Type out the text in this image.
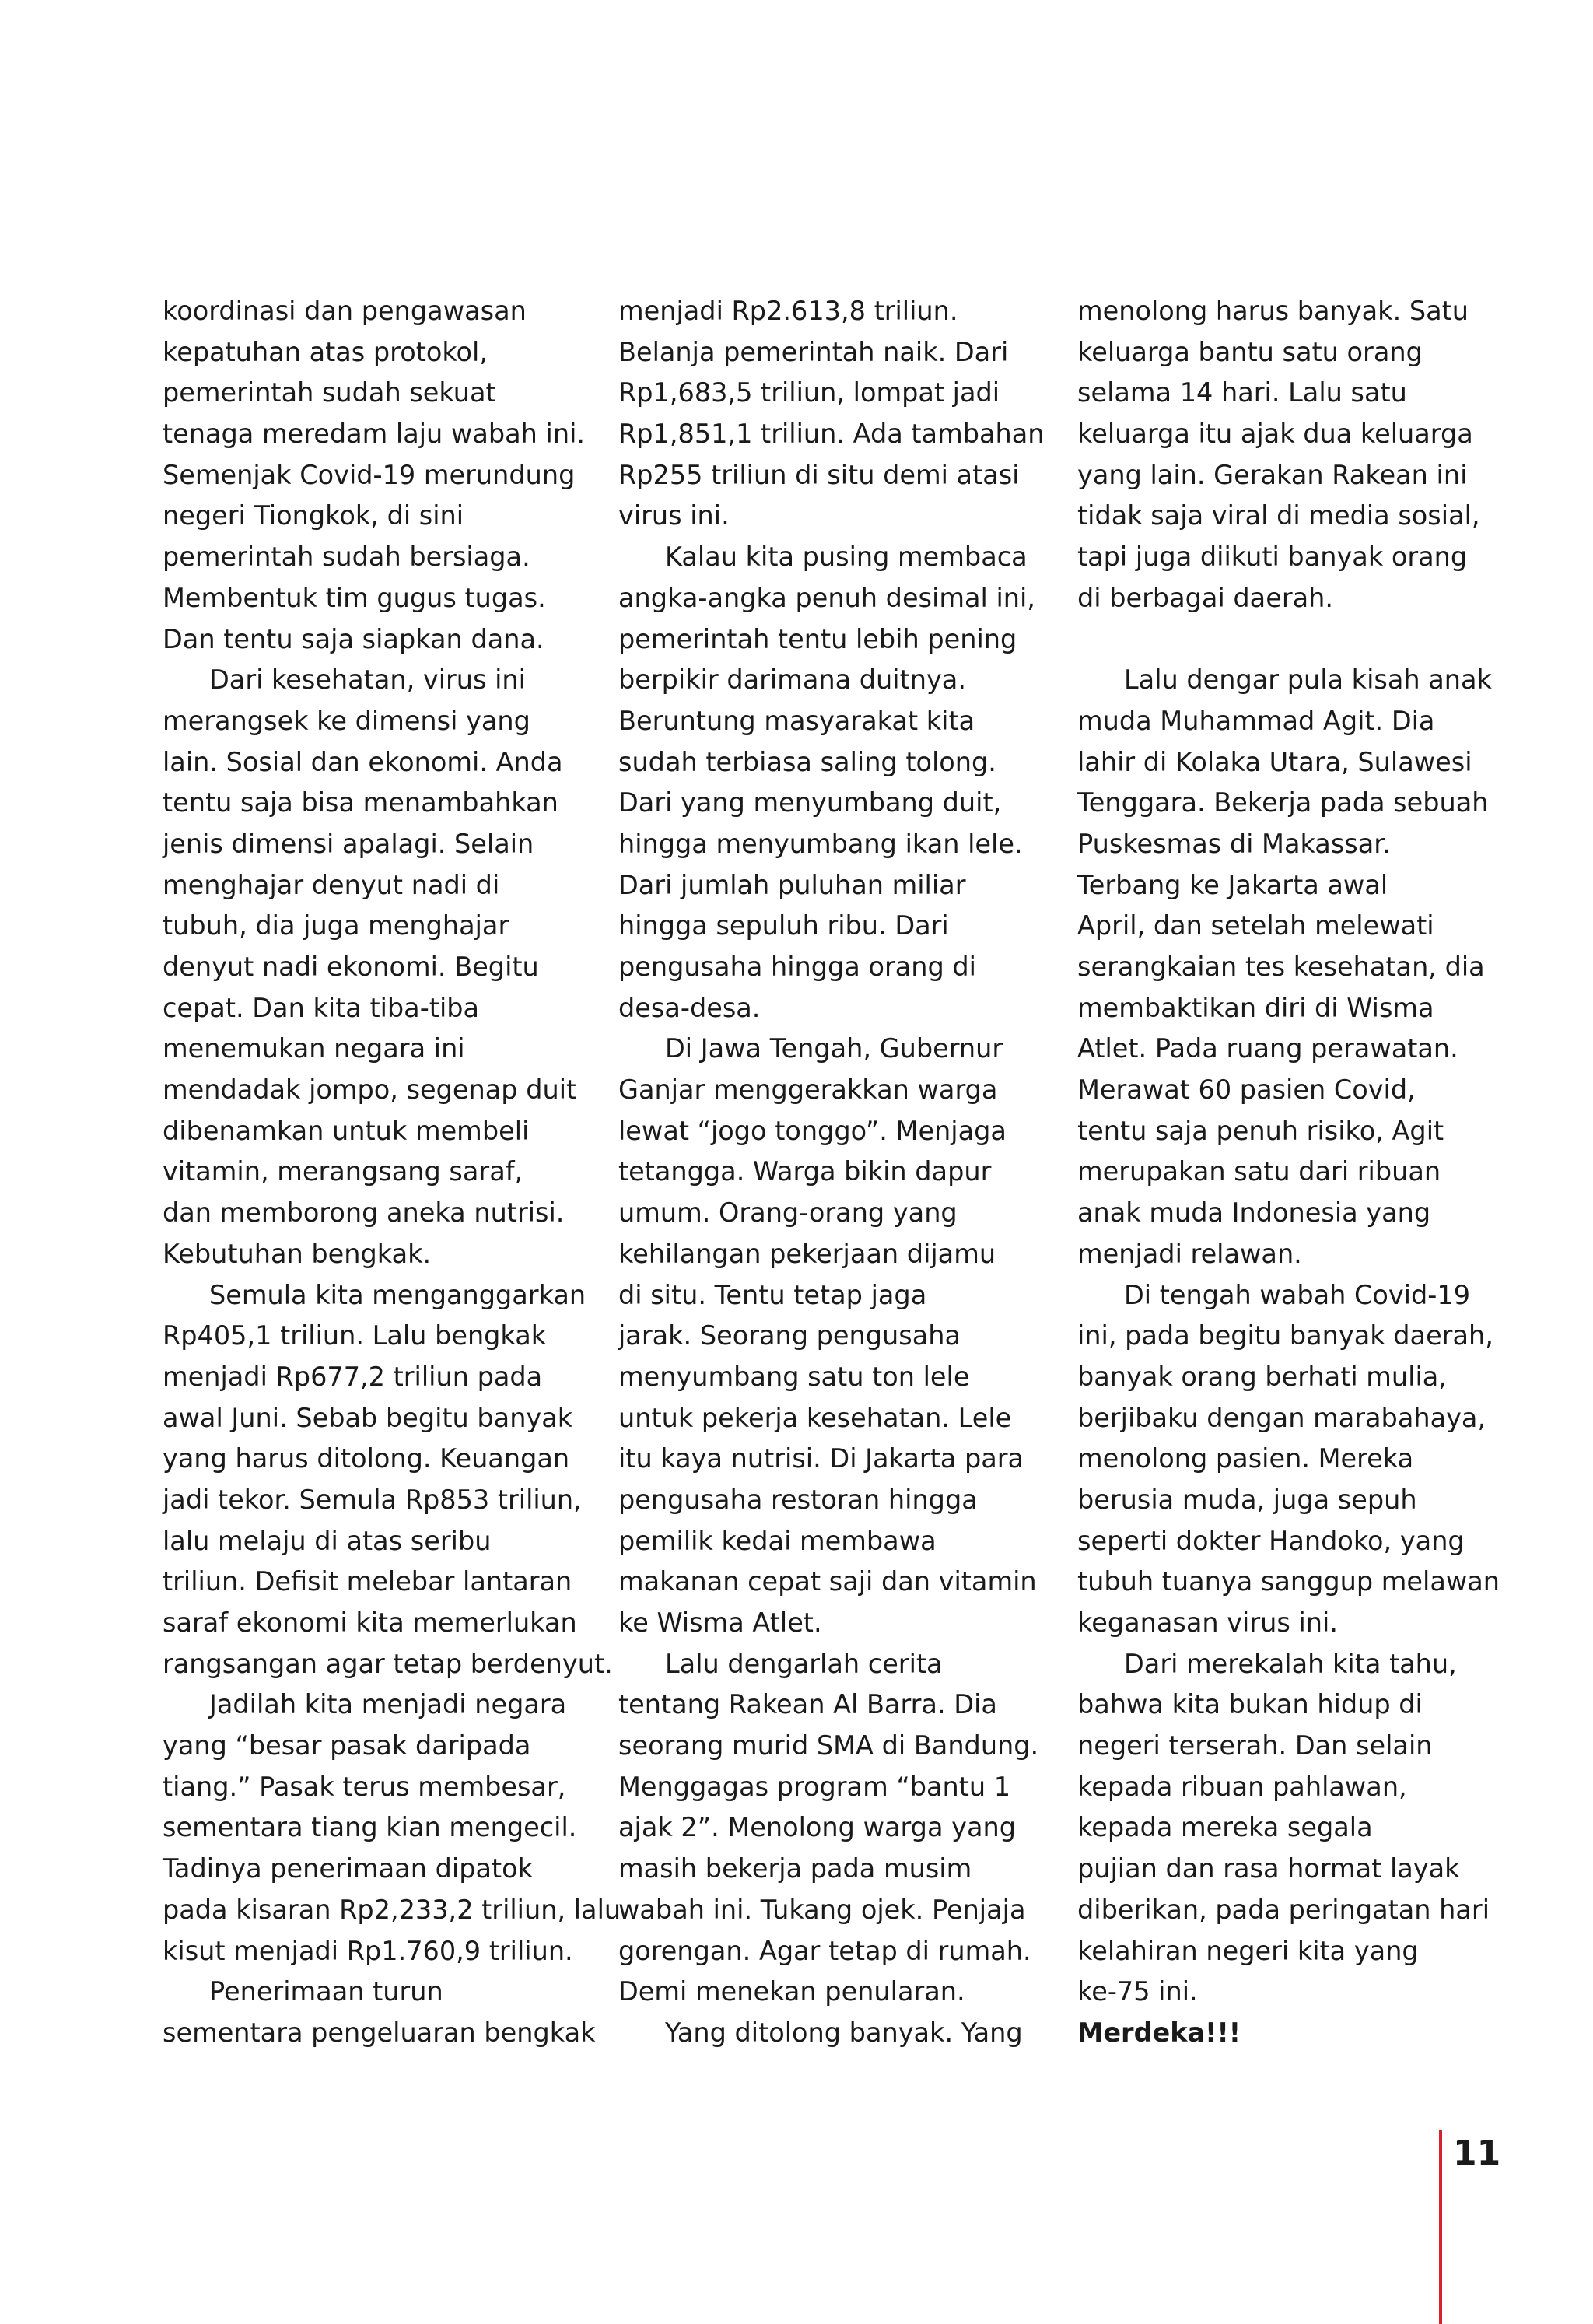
koordinasi dan pengawasan
kepatuhan atas protokol,
pemerintah sudah sekuat
tenaga meredam laju wabah ini.
Semenjak Covid-19 merundung
negeri Tiongkok, di sini
pemerintah sudah bersiaga.
Membentuk tim gugus tugas.
Dan tentu saja siapkan dana.
Dari kesehatan, virus ini
merangsek ke dimensi yang
lain. Sosial dan ekonomi. Anda
tentu saja bisa menambahkan
jenis dimensi apalagi. Selain
menghajar denyut nadi di
tubuh, dia juga menghajar
denyut nadi ekonomi. Begitu
cepat. Dan kita tiba-tiba
menemukan negara ini
mendadak jompo, segenap duit
dibenamkan untuk membeli
vitamin, merangsang saraf,
dan memborong aneka nutrisi.
Kebutuhan bengkak.
Semula kita menganggarkan
Rp405,1 triliun. Lalu bengkak
menjadi Rp677,2 triliun pada
awal Juni. Sebab begitu banyak
yang harus ditolong. Keuangan
jadi tekor. Semula Rp853 triliun,
lalu melaju di atas seribu
triliun. Defisit melebar lantaran
saraf ekonomi kita memerlukan
rangsangan agar tetap berdenyut.
Jadilah kita menjadi negara
yang “besar pasak daripada
tiang.” Pasak terus membesar,
sementara tiang kian mengecil.
Tadinya penerimaan dipatok
pada kisaran Rp2,233,2 triliun, lalu
kisut menjadi Rp1.760,9 triliun.
Penerimaan turun
sementara pengeluaran bengkak
menjadi Rp2.613,8 triliun.
Belanja pemerintah naik. Dari
Rp1,683,5 triliun, lompat jadi
Rp1,851,1 triliun. Ada tambahan
Rp255 triliun di situ demi atasi
virus ini.
Kalau kita pusing membaca
angka-angka penuh desimal ini,
pemerintah tentu lebih pening
berpikir darimana duitnya.
Beruntung masyarakat kita
sudah terbiasa saling tolong.
Dari yang menyumbang duit,
hingga menyumbang ikan lele.
Dari jumlah puluhan miliar
hingga sepuluh ribu. Dari
pengusaha hingga orang di
desa-desa.
Di Jawa Tengah, Gubernur
Ganjar menggerakkan warga
lewat “jogo tonggo”. Menjaga
tetangga. Warga bikin dapur
umum. Orang-orang yang
kehilangan pekerjaan dijamu
di situ. Tentu tetap jaga
jarak. Seorang pengusaha
menyumbang satu ton lele
untuk pekerja kesehatan. Lele
itu kaya nutrisi. Di Jakarta para
pengusaha restoran hingga
pemilik kedai membawa
makanan cepat saji dan vitamin
ke Wisma Atlet.
Lalu dengarlah cerita
tentang Rakean Al Barra. Dia
seorang murid SMA di Bandung.
Menggagas program “bantu 1
ajak 2”. Menolong warga yang
masih bekerja pada musim
wabah ini. Tukang ojek. Penjaja
gorengan. Agar tetap di rumah.
Demi menekan penularan.
Yang ditolong banyak. Yang
menolong harus banyak. Satu
keluarga bantu satu orang
selama 14 hari. Lalu satu
keluarga itu ajak dua keluarga
yang lain. Gerakan Rakean ini
tidak saja viral di media sosial,
tapi juga diikuti banyak orang
di berbagai daerah.
Lalu dengar pula kisah anak
muda Muhammad Agit. Dia
lahir di Kolaka Utara, Sulawesi
Tenggara. Bekerja pada sebuah
Puskesmas di Makassar.
Terbang ke Jakarta awal
April, dan setelah melewati
serangkaian tes kesehatan, dia
membaktikan diri di Wisma
Atlet. Pada ruang perawatan.
Merawat 60 pasien Covid,
tentu saja penuh risiko, Agit
merupakan satu dari ribuan
anak muda Indonesia yang
menjadi relawan.
Di tengah wabah Covid-19
ini, pada begitu banyak daerah,
banyak orang berhati mulia,
berjibaku dengan marabahaya,
menolong pasien. Mereka
berusia muda, juga sepuh
seperti dokter Handoko, yang
tubuh tuanya sanggup melawan
keganasan virus ini.
Dari merekalah kita tahu,
bahwa kita bukan hidup di
negeri terserah. Dan selain
kepada ribuan pahlawan,
kepada mereka segala
pujian dan rasa hormat layak
diberikan, pada peringatan hari
kelahiran negeri kita yang
ke-75 ini.
Merdeka!!!
11
